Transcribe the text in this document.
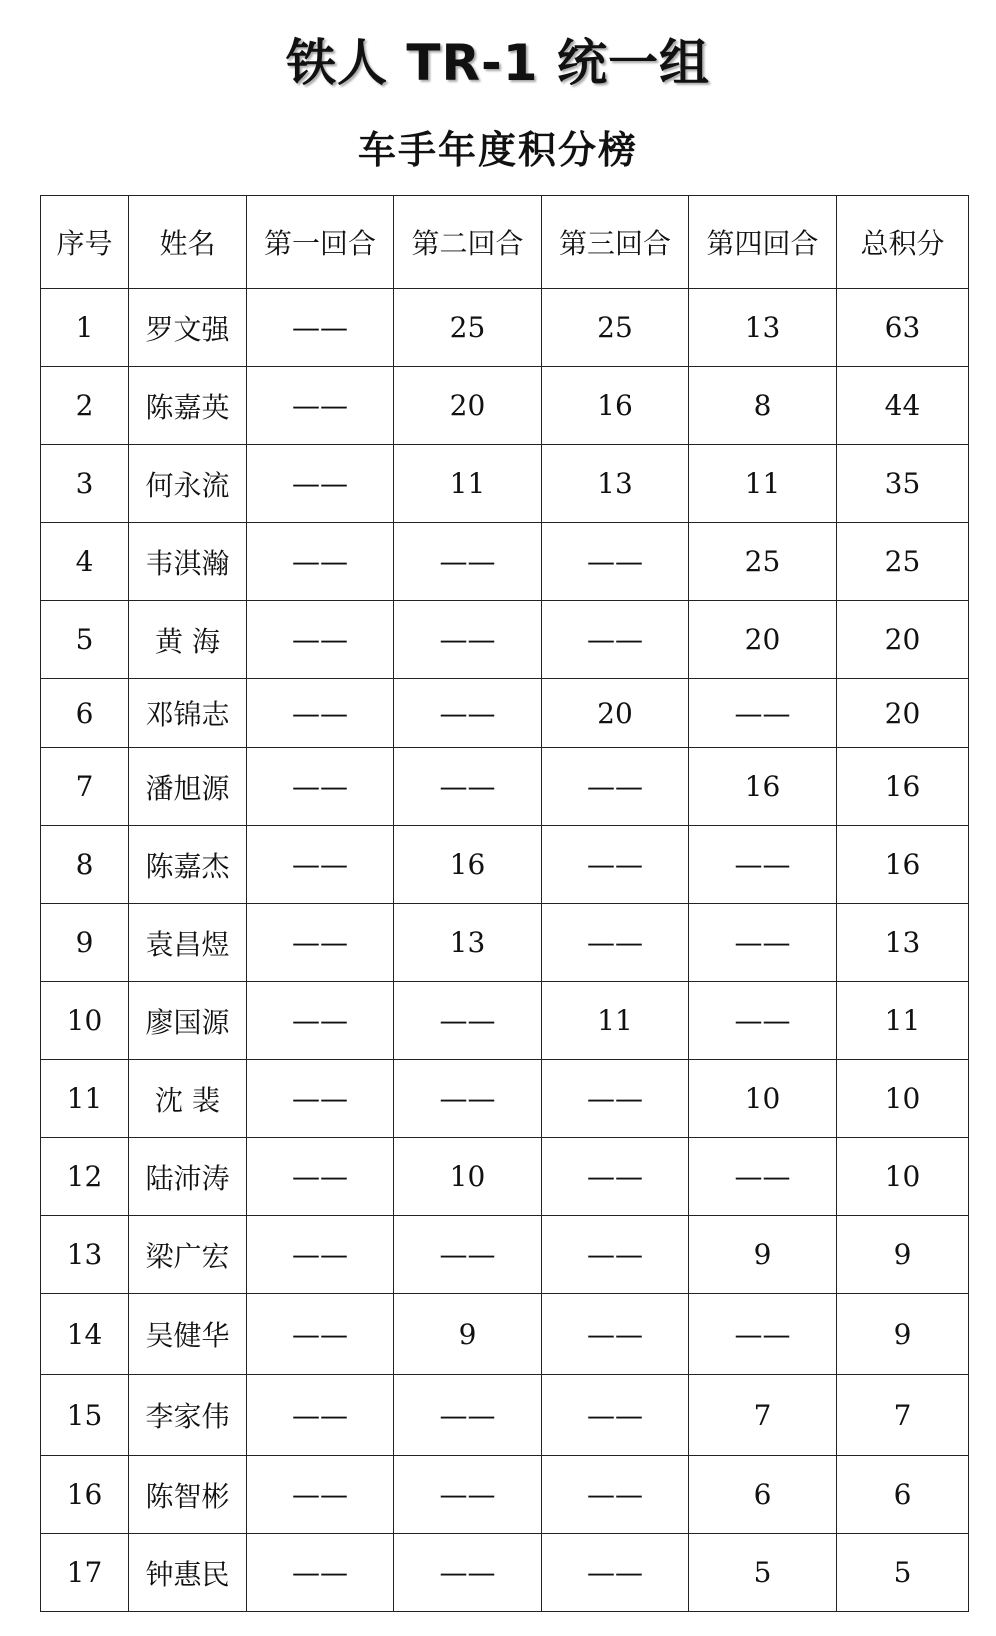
铁人 TR-1 统一组
车手年度积分榜
序号	姓名	第一回合	第二回合	第三回合	第四回合	总积分
1	罗文强	——	25	25	13	63
2	陈嘉英	——	20	16	8	44
3	何永流	——	11	13	11	35
4	韦淇瀚	——	——	——	25	25
5	黄 海	——	——	——	20	20
6	邓锦志	——	——	20	——	20
7	潘旭源	——	——	——	16	16
8	陈嘉杰	——	16	——	——	16
9	袁昌煜	——	13	——	——	13
10	廖国源	——	——	11	——	11
11	沈 裴	——	——	——	10	10
12	陆沛涛	——	10	——	——	10
13	梁广宏	——	——	——	9	9
14	吴健华	——	9	——	——	9
15	李家伟	——	——	——	7	7
16	陈智彬	——	——	——	6	6
17	钟惠民	——	——	——	5	5
